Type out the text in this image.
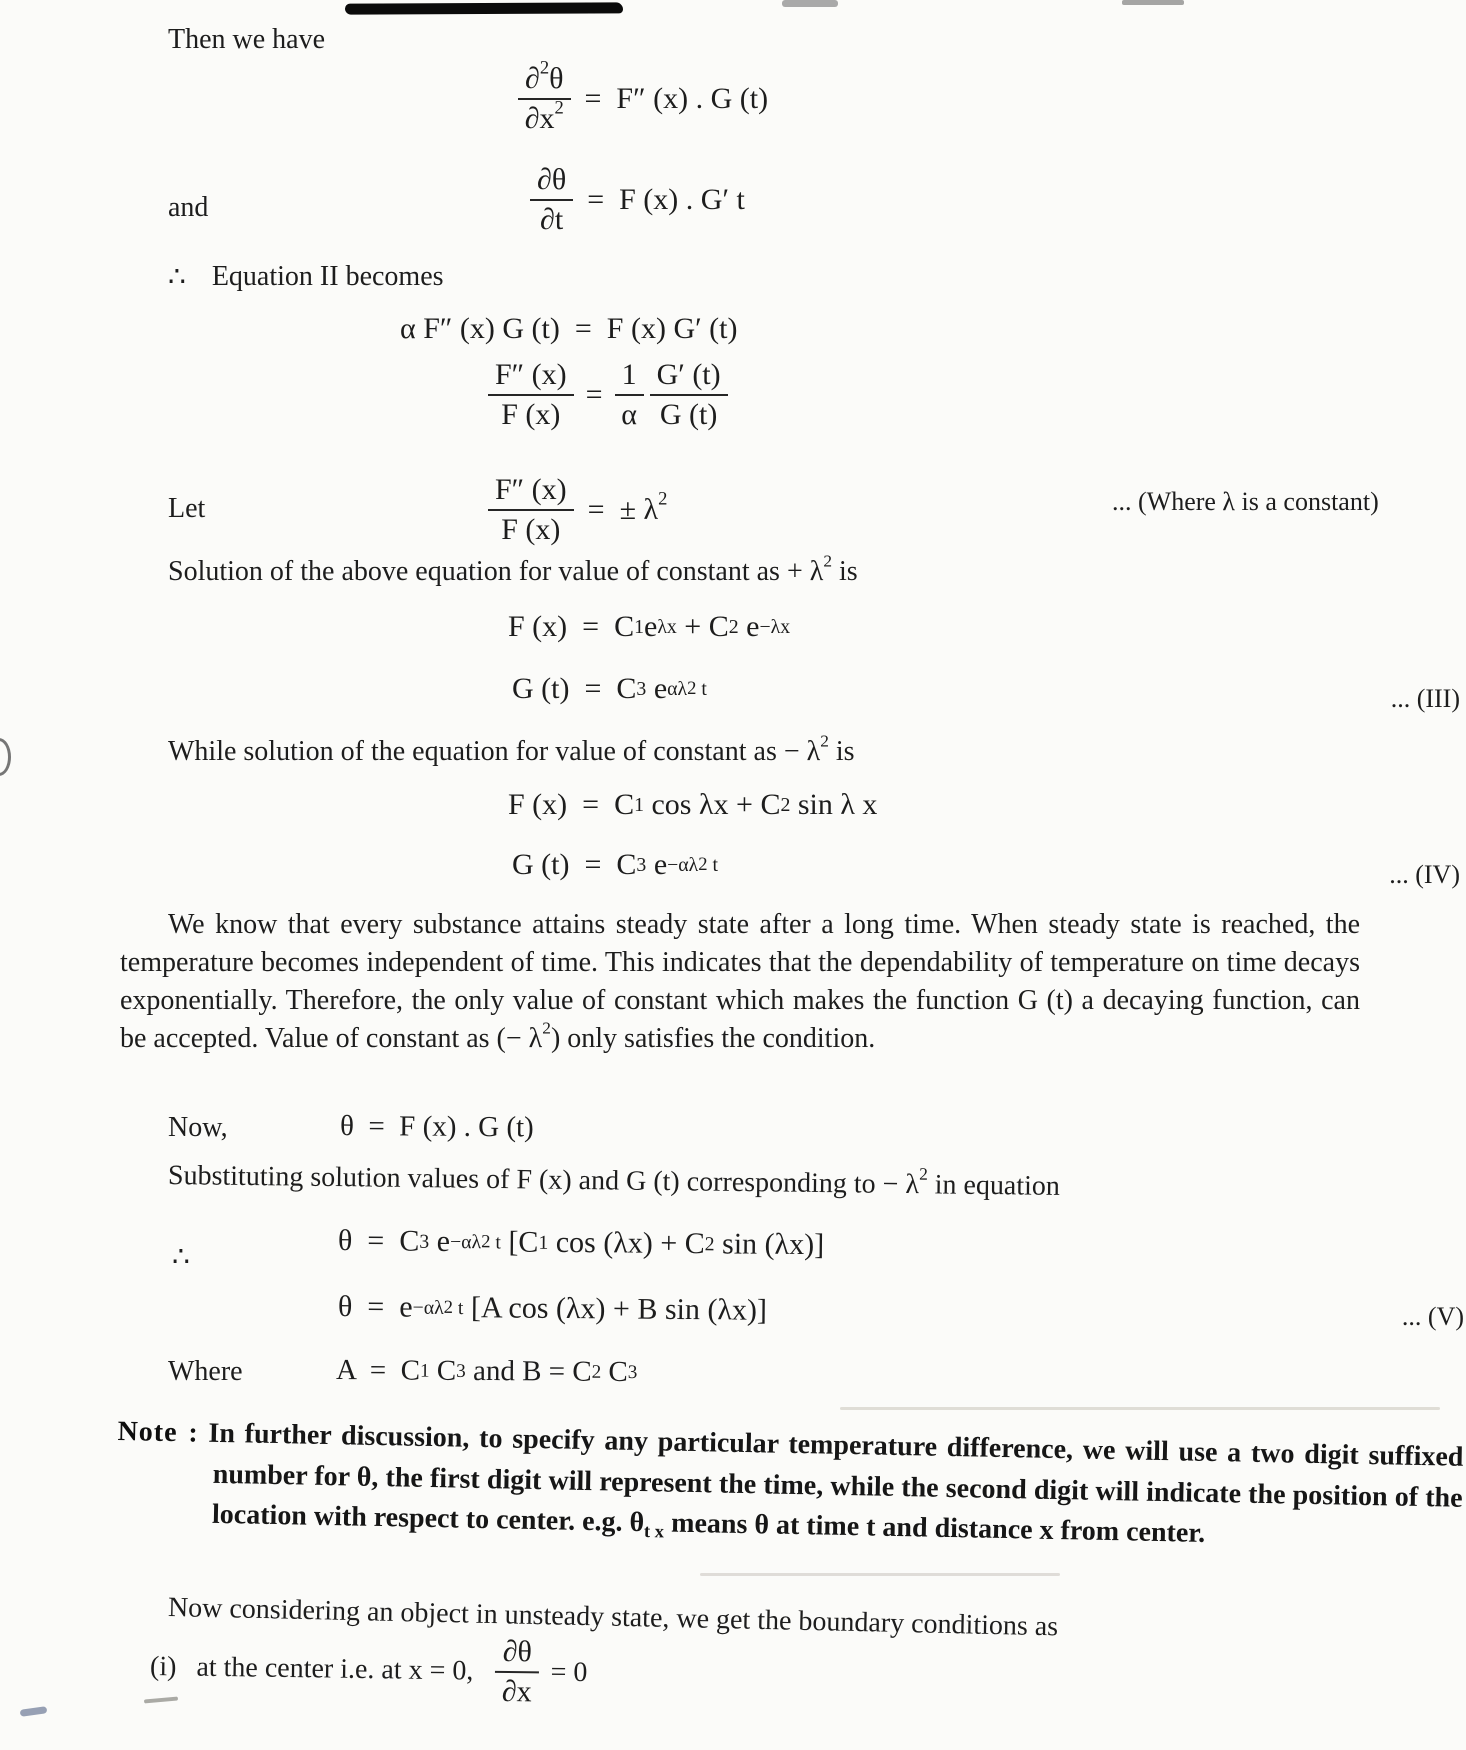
Then we have
$\frac{\partial^2\theta}{\partial x^2} = F''$ (x) . G (t)
and	$\frac{\partial\theta}{\partial t} = F$ (x) . G′ t
∴ Equation II becomes
α F″ (x) G (t)  =  F (x) G′ (t)
$\frac{F'' (x)}{F (x)} = \frac{1}{\alpha} \frac{G' (t)}{G (t)}$
Let	$\frac{F'' (x)}{F (x)}$ =  ± $\lambda^2$	... (Where λ is a constant)
Solution of the above equation for value of constant as + $\lambda^2$ is
F (x)  =  C 1 e λx + C 2 e −λx
G (t)  =  C 3 e αλ 2 t	... (III)
While solution of the equation for value of constant as − $\lambda^2$ is
F (x)  =  C 1 cos λx + C 2 sin λ x
G (t)  =  C 3 e −αλ 2 t	... (IV)
We know that every substance attains steady state after a long time. When steady state is reached, the temperature becomes independent of time. This indicates that the dependability of temperature on time decays exponentially. Therefore, the only value of constant which makes the function G (t) a decaying function, can be accepted. Value of constant as (− $\lambda^2$) only satisfies the condition.
Now,	θ  =  F (x) . G (t)
Substituting solution values of F (x) and G (t) corresponding to − $\lambda^2$ in equation
∴	θ  =  C 3 e −αλ 2 t [C 1 cos (λx) + C 2 sin (λx)]
θ  =  e −αλ 2 t [A cos (λx) + B sin (λx)]	... (V)
Where	A  =  C 1 C 3 and B = C 2 C 3
Note : In further discussion, to specify any particular temperature difference, we will use a two digit suffixed number for θ, the first digit will represent the time, while the second digit will indicate the position of the location with respect to center. e.g. $\theta_{t x}$ means θ at time t and distance x from center.
Now considering an object in unsteady state, we get the boundary conditions as
(i) at the center i.e. at x = 0, $\frac{\partial\theta}{\partial x} = 0$
